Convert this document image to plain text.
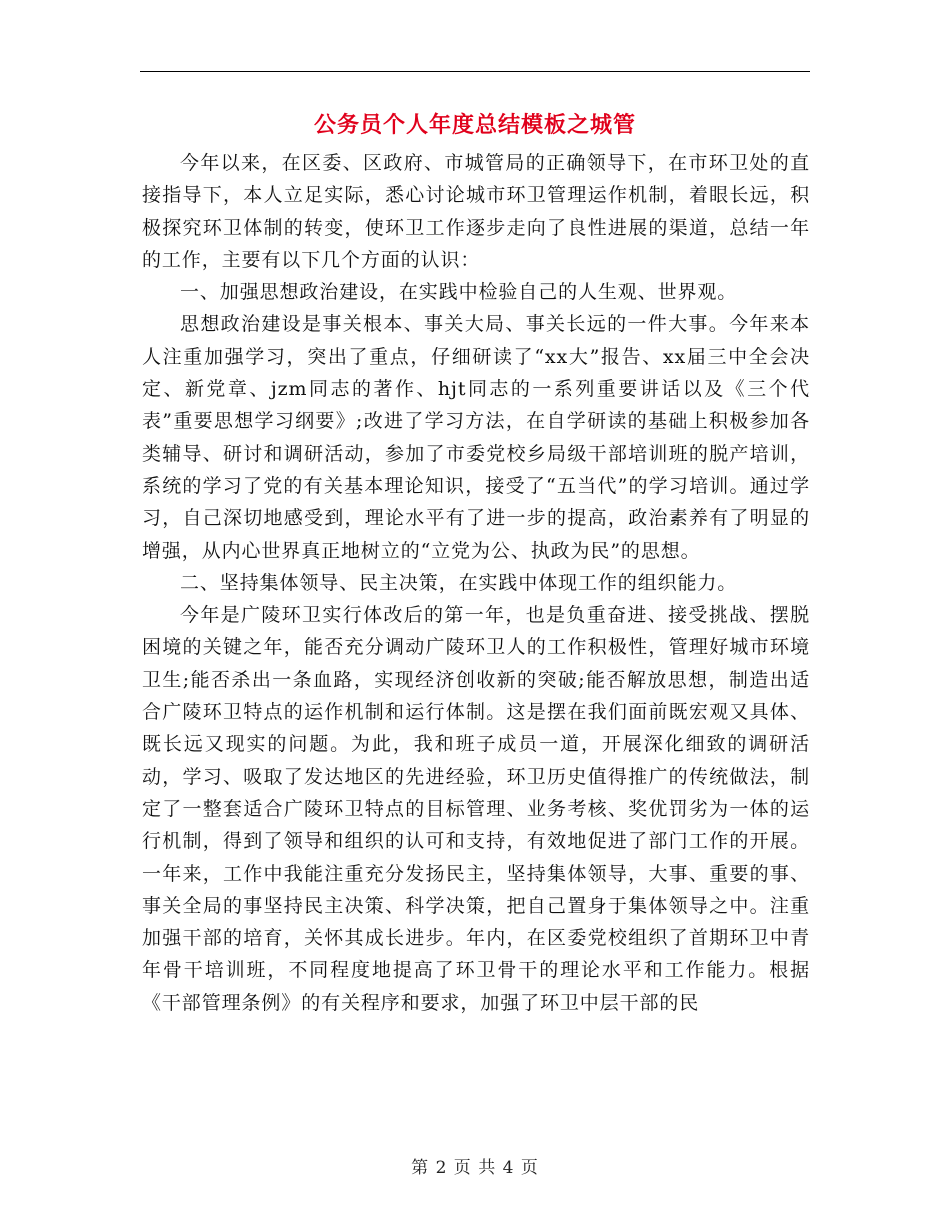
公务员个人年度总结模板之城管

今年以来，在区委、区政府、市城管局的正确领导下，在市环卫处的直接指导下，本人立足实际，悉心讨论城市环卫管理运作机制，着眼长远，积极探究环卫体制的转变，使环卫工作逐步走向了良性进展的渠道，总结一年的工作，主要有以下几个方面的认识：

一、加强思想政治建设，在实践中检验自己的人生观、世界观。

思想政治建设是事关根本、事关大局、事关长远的一件大事。今年来本人注重加强学习，突出了重点，仔细研读了“xx大”报告、xx届三中全会决定、新党章、jzm同志的著作、hjt同志的一系列重要讲话以及《三个代表”重要思想学习纲要》;改进了学习方法，在自学研读的基础上积极参加各类辅导、研讨和调研活动，参加了市委党校乡局级干部培训班的脱产培训，系统的学习了党的有关基本理论知识，接受了“五当代”的学习培训。通过学习，自己深切地感受到，理论水平有了进一步的提高，政治素养有了明显的增强，从内心世界真正地树立的“立党为公、执政为民”的思想。

二、坚持集体领导、民主决策，在实践中体现工作的组织能力。

今年是广陵环卫实行体改后的第一年，也是负重奋进、接受挑战、摆脱困境的关键之年，能否充分调动广陵环卫人的工作积极性，管理好城市环境卫生;能否杀出一条血路，实现经济创收新的突破;能否解放思想，制造出适合广陵环卫特点的运作机制和运行体制。这是摆在我们面前既宏观又具体、既长远又现实的问题。为此，我和班子成员一道，开展深化细致的调研活动，学习、吸取了发达地区的先进经验，环卫历史值得推广的传统做法，制定了一整套适合广陵环卫特点的目标管理、业务考核、奖优罚劣为一体的运行机制，得到了领导和组织的认可和支持，有效地促进了部门工作的开展。一年来，工作中我能注重充分发扬民主，坚持集体领导，大事、重要的事、事关全局的事坚持民主决策、科学决策，把自己置身于集体领导之中。注重加强干部的培育，关怀其成长进步。年内，在区委党校组织了首期环卫中青年骨干培训班，不同程度地提高了环卫骨干的理论水平和工作能力。根据《干部管理条例》的有关程序和要求，加强了环卫中层干部的民

第 2 页 共 4 页
